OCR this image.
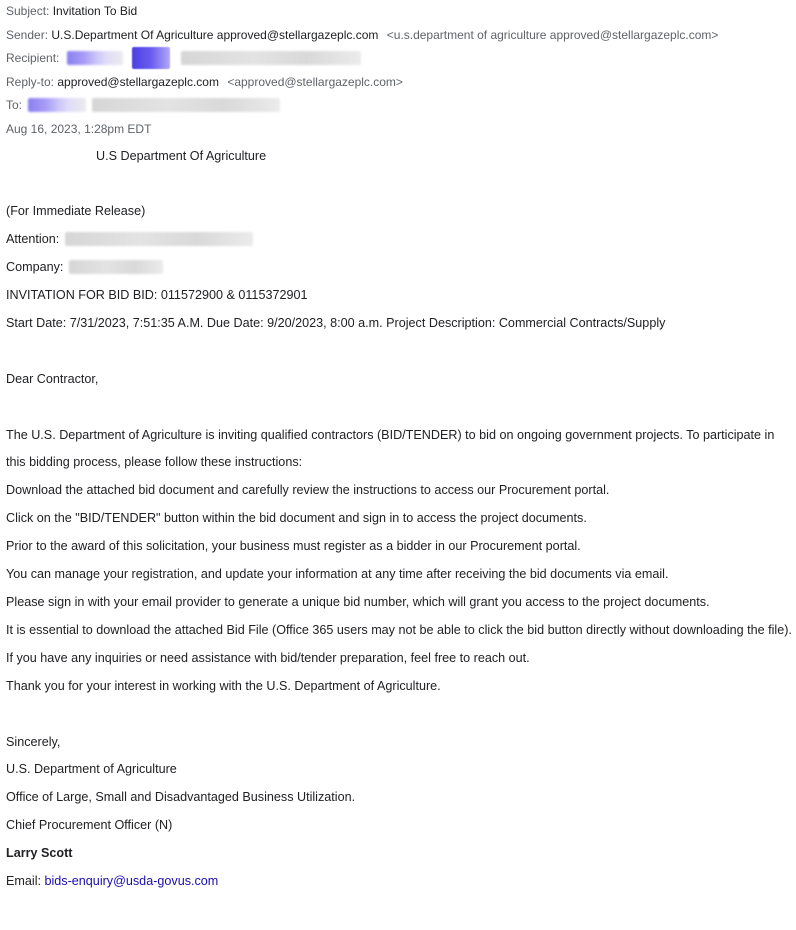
Subject: Invitation To Bid
Sender: U.S.Department Of Agriculture approved@stellargazeplc.com <u.s.department of agriculture approved@stellargazeplc.com>
Recipient:
Reply-to: approved@stellargazeplc.com <approved@stellargazeplc.com>
To:
Aug 16, 2023, 1:28pm EDT
U.S Department Of Agriculture
(For Immediate Release)
Attention:
Company:
INVITATION FOR BID BID: 011572900 & 0115372901
Start Date: 7/31/2023, 7:51:35 A.M. Due Date: 9/20/2023, 8:00 a.m. Project Description: Commercial Contracts/Supply
Dear Contractor,
The U.S. Department of Agriculture is inviting qualified contractors (BID/TENDER) to bid on ongoing government projects. To participate in this bidding process, please follow these instructions:
Download the attached bid document and carefully review the instructions to access our Procurement portal.
Click on the "BID/TENDER" button within the bid document and sign in to access the project documents.
Prior to the award of this solicitation, your business must register as a bidder in our Procurement portal.
You can manage your registration, and update your information at any time after receiving the bid documents via email.
Please sign in with your email provider to generate a unique bid number, which will grant you access to the project documents.
It is essential to download the attached Bid File (Office 365 users may not be able to click the bid button directly without downloading the file).
If you have any inquiries or need assistance with bid/tender preparation, feel free to reach out.
Thank you for your interest in working with the U.S. Department of Agriculture.
Sincerely,
U.S. Department of Agriculture
Office of Large, Small and Disadvantaged Business Utilization.
Chief Procurement Officer (N)
Larry Scott
Email: bids-enquiry@usda-govus.com
